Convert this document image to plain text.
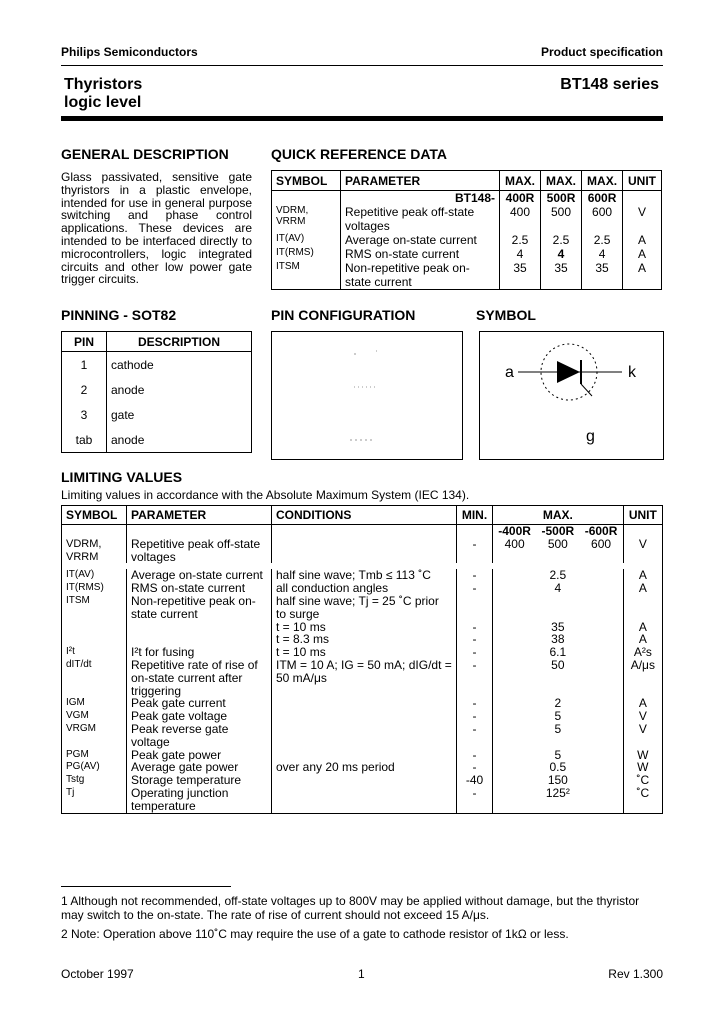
Philips Semiconductors	Product specification
Thyristors
logic level
BT148 series
GENERAL DESCRIPTION
Glass passivated, sensitive gate thyristors in a plastic envelope, intended for use in general purpose switching and phase control applications. These devices are intended to be interfaced directly to microcontrollers, logic integrated circuits and other low power gate trigger circuits.
QUICK REFERENCE DATA
SYMBOL	PARAMETER	MAX.	MAX.	MAX.	UNIT
	BT148-	400R	500R	600R	
VDRM, VRRM	Repetitive peak off-state voltages	400	500	600	V
IT(AV)	Average on-state current	2.5	2.5	2.5	A
IT(RMS)	RMS on-state current	4	4	4	A
ITSM	Non-repetitive peak on-state current	35	35	35	A
PINNING - SOT82
PIN	DESCRIPTION
1	cathode
2	anode
3	gate
tab	anode
PIN CONFIGURATION	SYMBOL
a	k
g
LIMITING VALUES
Limiting values in accordance with the Absolute Maximum System (IEC 134).
SYMBOL	PARAMETER	CONDITIONS	MIN.	MAX.			UNIT
				-400R	-500R	-600R	
VDRM, VRRM	Repetitive peak off-state voltages		-	400	500	600	V

IT(AV)	Average on-state current	half sine wave; Tmb ≤ 113 ˚C	-	2.5			A
IT(RMS)	RMS on-state current	all conduction angles	-	4			A
ITSM	Non-repetitive peak on-state current	half sine wave; Tj = 25 ˚C prior to surge					
		t = 10 ms	-	35			A
		t = 8.3 ms	-	38			A
I²t	I²t for fusing	t = 10 ms	-	6.1			A²s
dIT/dt	Repetitive rate of rise of on-state current after triggering	ITM = 10 A; IG = 50 mA; dIG/dt = 50 mA/μs	-	50			A/μs
IGM	Peak gate current		-	2			A
VGM	Peak gate voltage		-	5			V
VRGM	Peak reverse gate voltage		-	5			V
PGM	Peak gate power		-	5			W
PG(AV)	Average gate power	over any 20 ms period	-	0.5			W
Tstg	Storage temperature		-40	150			˚C
Tj	Operating junction temperature		-	125²			˚C
1 Although not recommended, off-state voltages up to 800V may be applied without damage, but the thyristor may switch to the on-state. The rate of rise of current should not exceed 15 A/μs.
2 Note: Operation above 110˚C may require the use of a gate to cathode resistor of 1kΩ or less.
October 1997	1	Rev 1.300
